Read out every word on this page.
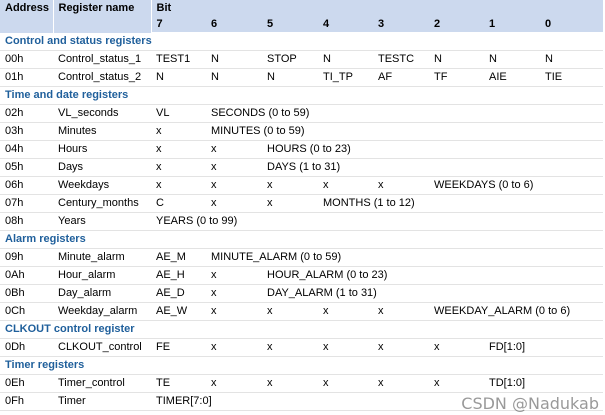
Address	Register name	Bit							
		7	6	5	4	3	2	1	0
Control and status registers									
00h	Control_status_1	TEST1	N	STOP	N	TESTC	N	N	N
01h	Control_status_2	N	N	N	TI_TP	AF	TF	AIE	TIE
Time and date registers									
02h	VL_seconds	VL	SECONDS (0 to 59)						
03h	Minutes	x	MINUTES (0 to 59)						
04h	Hours	x	x	HOURS (0 to 23)					
05h	Days	x	x	DAYS (1 to 31)					
06h	Weekdays	x	x	x	x	x	WEEKDAYS (0 to 6)		
07h	Century_months	C	x	x	MONTHS (1 to 12)				
08h	Years	YEARS (0 to 99)							
Alarm registers									
09h	Minute_alarm	AE_M	MINUTE_ALARM (0 to 59)						
0Ah	Hour_alarm	AE_H	x	HOUR_ALARM (0 to 23)					
0Bh	Day_alarm	AE_D	x	DAY_ALARM (1 to 31)					
0Ch	Weekday_alarm	AE_W	x	x	x	x	WEEKDAY_ALARM (0 to 6)		
CLKOUT control register									
0Dh	CLKOUT_control	FE	x	x	x	x	x	FD[1:0]	
Timer registers									
0Eh	Timer_control	TE	x	x	x	x	x	TD[1:0]	
0Fh	Timer	TIMER[7:0]								CSDN @Nadukab
